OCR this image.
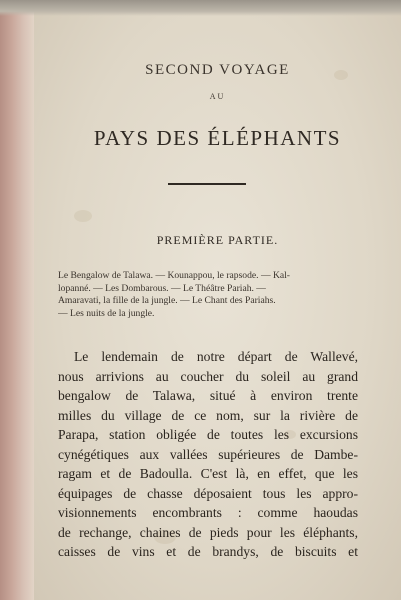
SECOND VOYAGE
AU
PAYS DES ÉLÉPHANTS
PREMIÈRE PARTIE.
Le Bengalow de Talawa. — Kounappou, le rapsode. — Kal-
lopanné. — Les Dombarous. — Le Théâtre Pariah. —
Amaravati, la fille de la jungle. — Le Chant des Pariahs.
— Les nuits de la jungle.
Le lendemain de notre départ de Wallevé,
nous arrivions au coucher du soleil au grand
bengalow de Talawa, situé à environ trente
milles du village de ce nom, sur la rivière de
Parapa, station obligée de toutes les excursions
cynégétiques aux vallées supérieures de Dambe-
ragam et de Badoulla. C'est là, en effet, que les
équipages de chasse déposaient tous les appro-
visionnements encombrants : comme haoudas
de rechange, chaines de pieds pour les éléphants,
caisses de vins et de brandys, de biscuits et
